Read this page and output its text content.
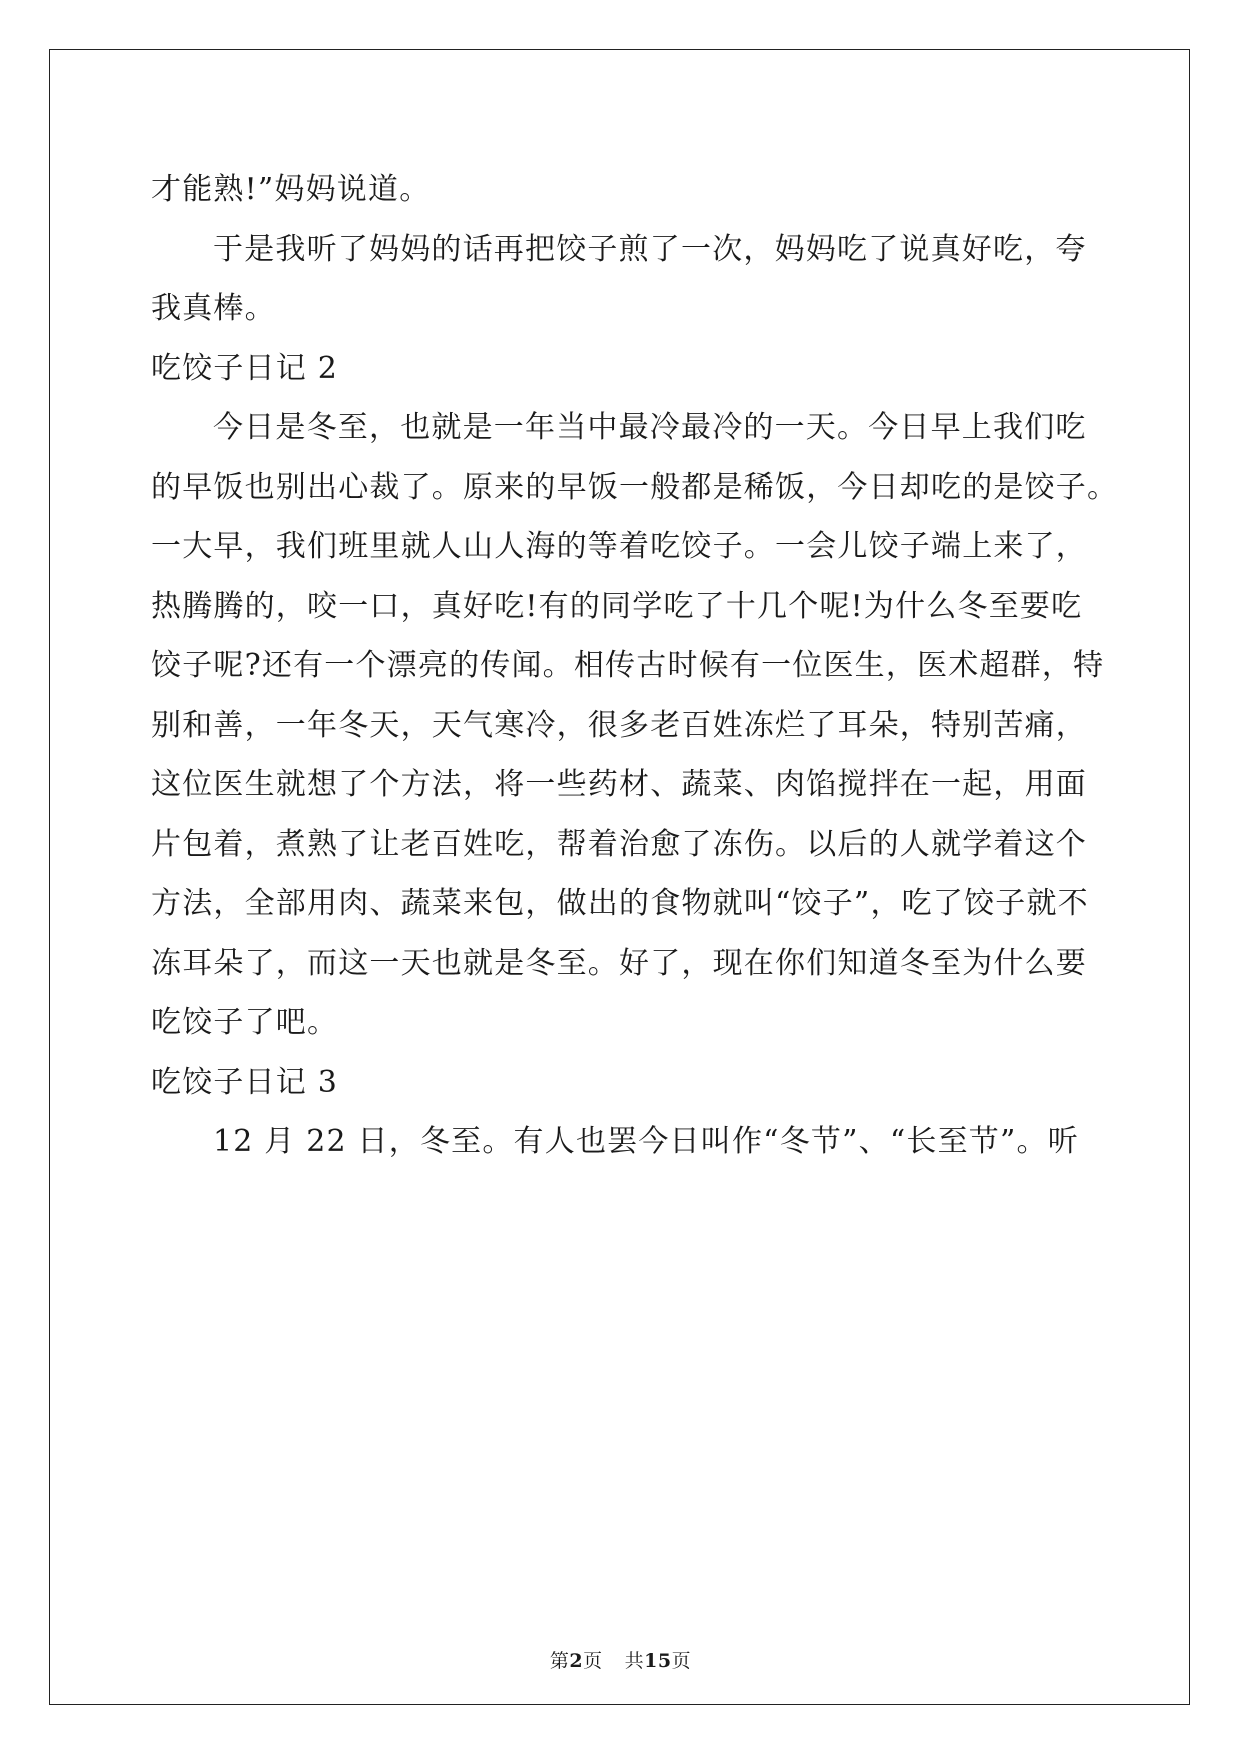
才能熟!”妈妈说道。
于是我听了妈妈的话再把饺子煎了一次，妈妈吃了说真好吃，夸
我真棒。
吃饺子日记 2
今日是冬至，也就是一年当中最冷最冷的一天。今日早上我们吃
的早饭也别出心裁了。原来的早饭一般都是稀饭，今日却吃的是饺子。
一大早，我们班里就人山人海的等着吃饺子。一会儿饺子端上来了，
热腾腾的，咬一口，真好吃!有的同学吃了十几个呢!为什么冬至要吃
饺子呢?还有一个漂亮的传闻。相传古时候有一位医生，医术超群，特
别和善，一年冬天，天气寒冷，很多老百姓冻烂了耳朵，特别苦痛，
这位医生就想了个方法，将一些药材、蔬菜、肉馅搅拌在一起，用面
片包着，煮熟了让老百姓吃，帮着治愈了冻伤。以后的人就学着这个
方法，全部用肉、蔬菜来包，做出的食物就叫“饺子”，吃了饺子就不
冻耳朵了，而这一天也就是冬至。好了，现在你们知道冬至为什么要
吃饺子了吧。
吃饺子日记 3
12 月 22 日，冬至。有人也罢今日叫作“冬节”、“长至节”。听
第2页 共15页
